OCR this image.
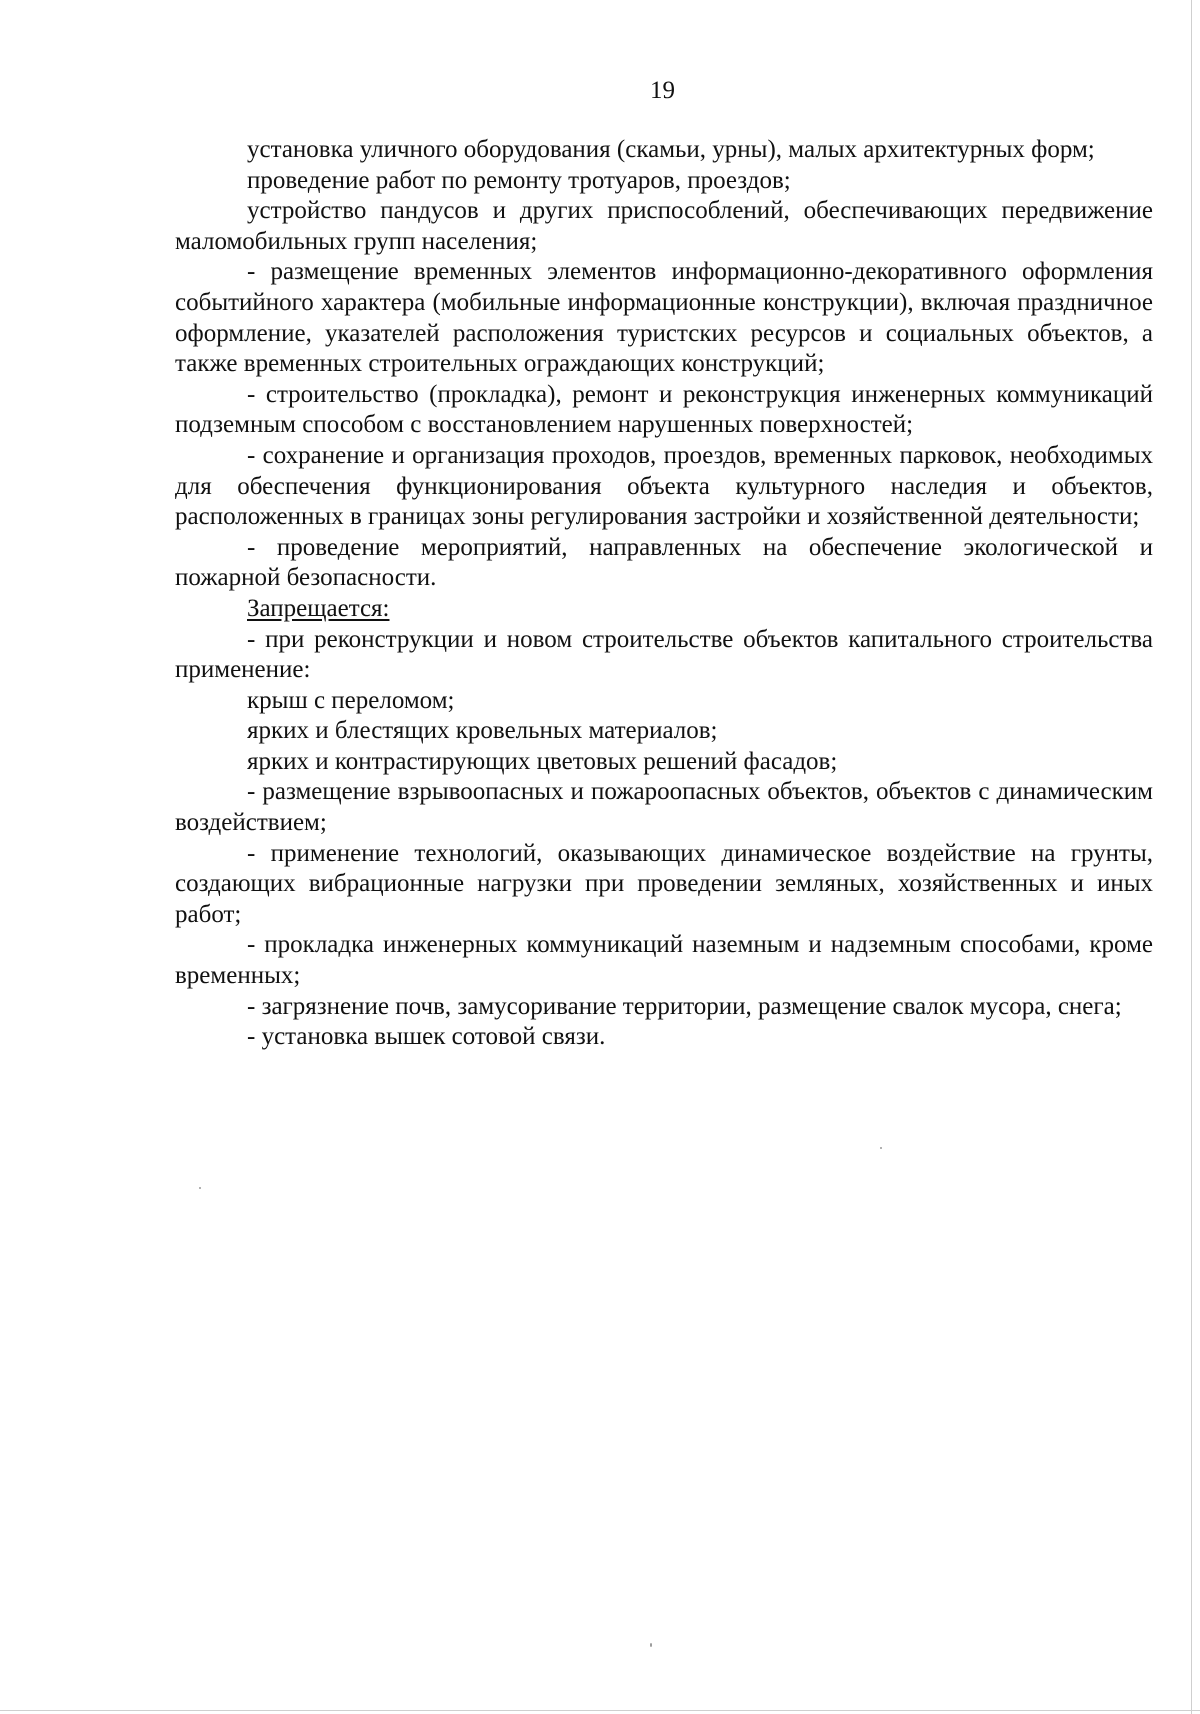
19

установка уличного оборудования (скамьи, урны), малых архитектурных форм;

проведение работ по ремонту тротуаров, проездов;

устройство пандусов и других приспособлений, обеспечивающих передвижение маломобильных групп населения;

- размещение временных элементов информационно-декоративного оформления событийного характера (мобильные информационные конструкции), включая праздничное оформление, указателей расположения туристских ресурсов и социальных объектов, а также временных строительных ограждающих конструкций;

- строительство (прокладка), ремонт и реконструкция инженерных коммуникаций подземным способом с восстановлением нарушенных поверхностей;

- сохранение и организация проходов, проездов, временных парковок, необходимых для обеспечения функционирования объекта культурного наследия и объектов, расположенных в границах зоны регулирования застройки и хозяйственной деятельности;

- проведение мероприятий, направленных на обеспечение экологической и пожарной безопасности.

Запрещается:

- при реконструкции и новом строительстве объектов капитального строительства применение:

крыш с переломом;

ярких и блестящих кровельных материалов;

ярких и контрастирующих цветовых решений фасадов;

- размещение взрывоопасных и пожароопасных объектов, объектов с динамическим воздействием;

- применение технологий, оказывающих динамическое воздействие на грунты, создающих вибрационные нагрузки при проведении земляных, хозяйственных и иных работ;

- прокладка инженерных коммуникаций наземным и надземным способами, кроме временных;

- загрязнение почв, замусоривание территории, размещение свалок мусора, снега;

- установка вышек сотовой связи.
